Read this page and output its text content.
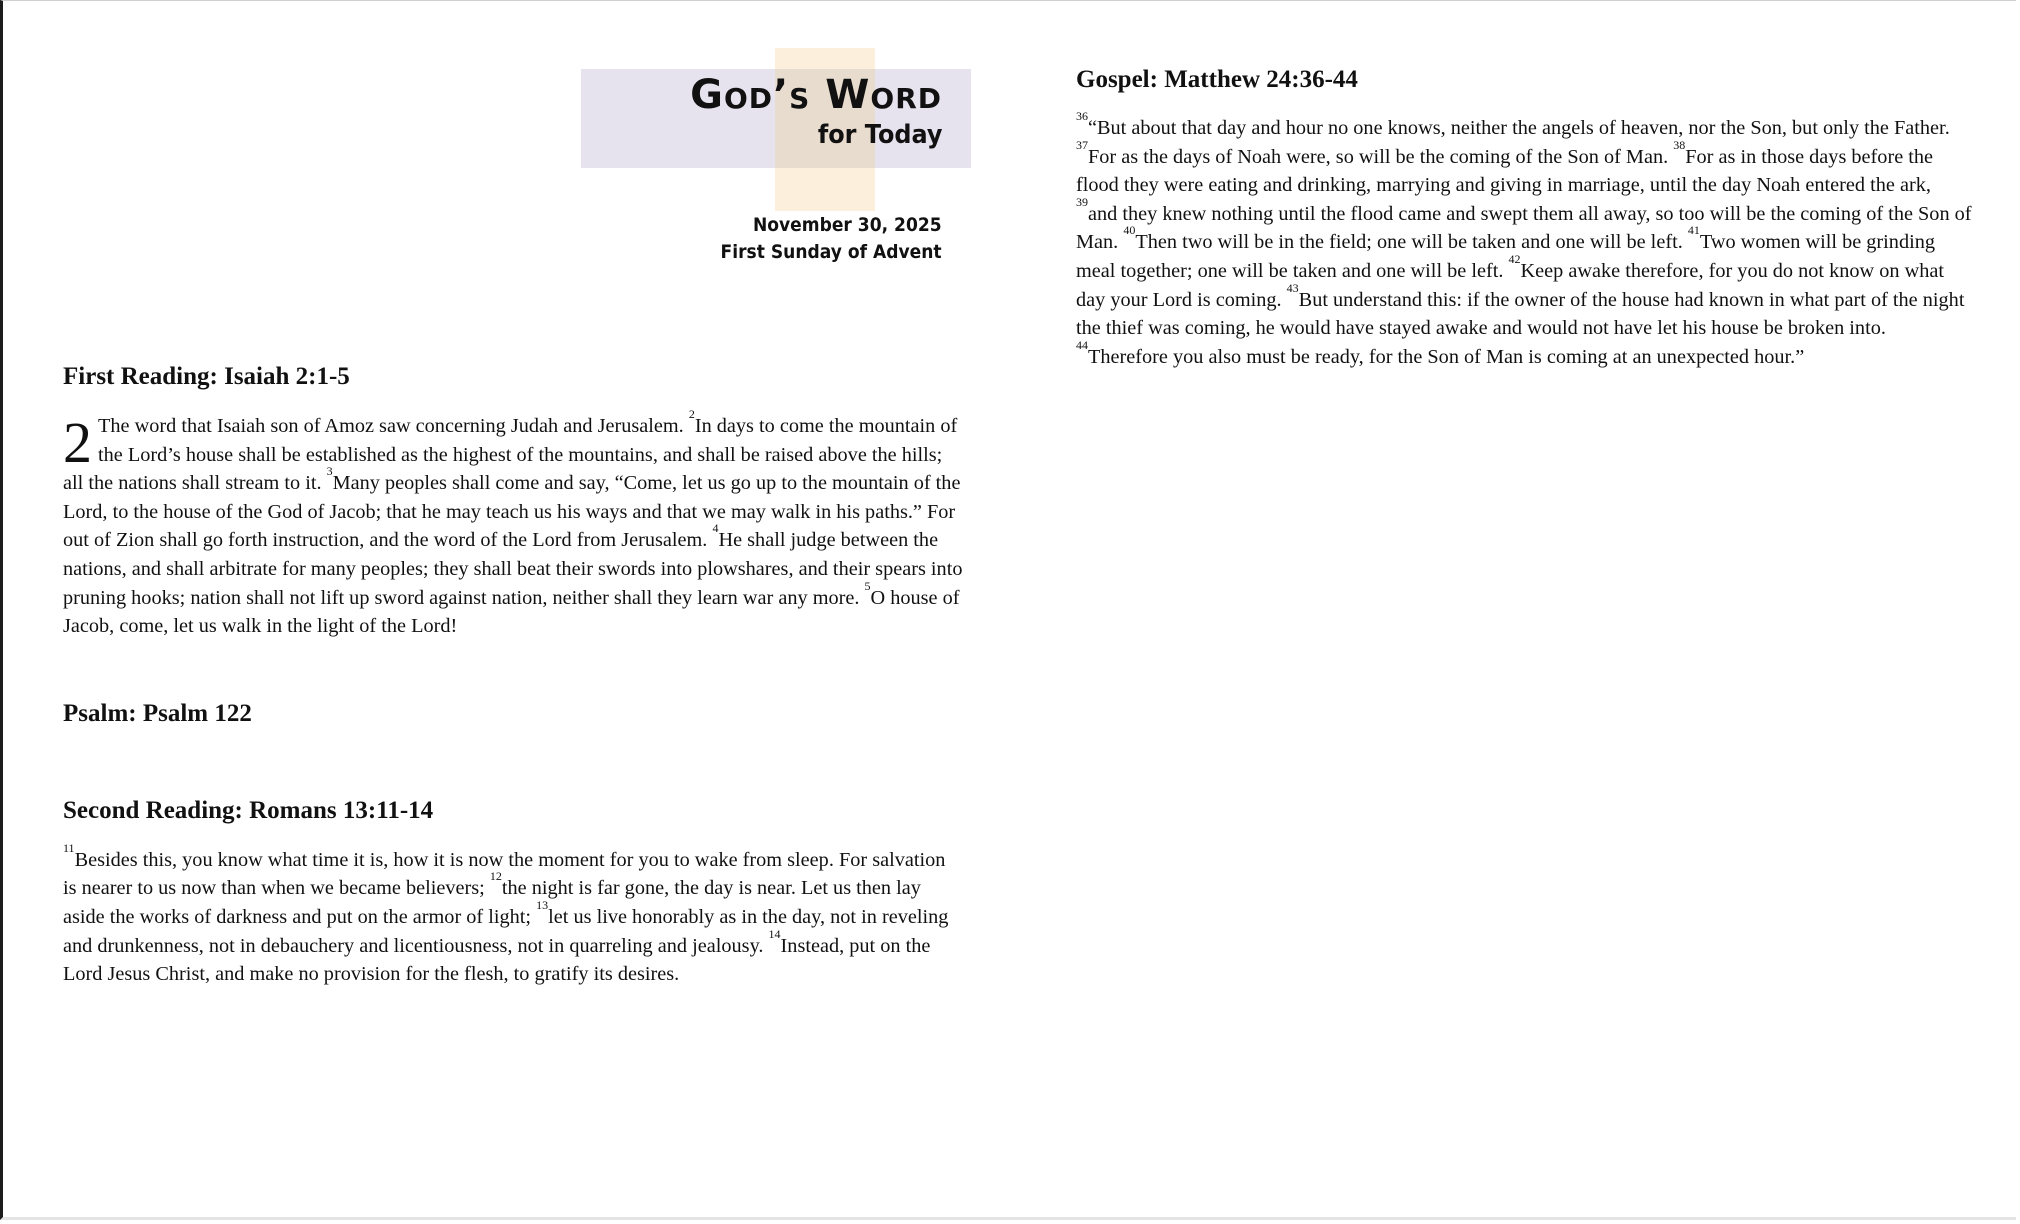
God’s Word
for Today
November 30, 2025
First Sunday of Advent
First Reading: Isaiah 2:1-5

2 The word that Isaiah son of Amoz saw concerning Judah and Jerusalem. $^2$In days to come the mountain of the Lord’s house shall be established as the highest of the mountains, and shall be raised above the hills; all the nations shall stream to it. $^3$Many peoples shall come and say, “Come, let us go up to the mountain of the Lord, to the house of the God of Jacob; that he may teach us his ways and that we may walk in his paths.” For out of Zion shall go forth instruction, and the word of the Lord from Jerusalem. $^4$He shall judge between the nations, and shall arbitrate for many peoples; they shall beat their swords into plowshares, and their spears into pruning hooks; nation shall not lift up sword against nation, neither shall they learn war any more. $^5$O house of Jacob, come, let us walk in the light of the Lord!

Psalm: Psalm 122
Second Reading: Romans 13:11-14

$^{11}$Besides this, you know what time it is, how it is now the moment for you to wake from sleep. For salvation is nearer to us now than when we became believers; $^{12}$the night is far gone, the day is near. Let us then lay aside the works of darkness and put on the armor of light; $^{13}$let us live honorably as in the day, not in reveling and drunkenness, not in debauchery and licentiousness, not in quarreling and jealousy. $^{14}$Instead, put on the Lord Jesus Christ, and make no provision for the flesh, to gratify its desires.

Gospel: Matthew 24:36-44

$^{36}$“But about that day and hour no one knows, neither the angels of heaven, nor the Son, but only the Father. $^{37}$For as the days of Noah were, so will be the coming of the Son of Man. $^{38}$For as in those days before the flood they were eating and drinking, marrying and giving in marriage, until the day Noah entered the ark, $^{39}$and they knew nothing until the flood came and swept them all away, so too will be the coming of the Son of Man. $^{40}$Then two will be in the field; one will be taken and one will be left. $^{41}$Two women will be grinding meal together; one will be taken and one will be left. $^{42}$Keep awake therefore, for you do not know on what day your Lord is coming. $^{43}$But understand this: if the owner of the house had known in what part of the night the thief was coming, he would have stayed awake and would not have let his house be broken into. $^{44}$Therefore you also must be ready, for the Son of Man is coming at an unexpected hour.”
